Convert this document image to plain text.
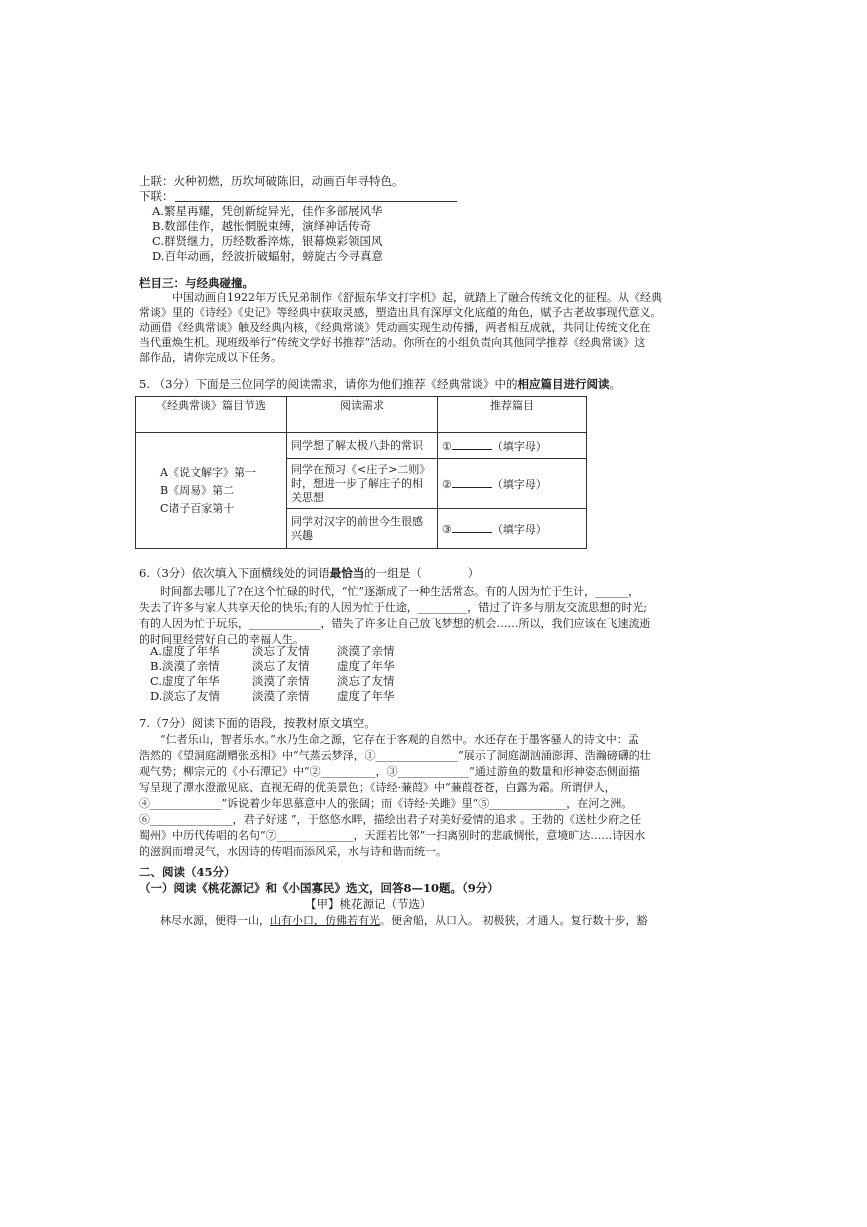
上联：火种初燃，历坎坷破陈旧，动画百年寻特色。
下联：
A.繁星再耀，凭创新绽异光，佳作多部展风华
B.数部佳作，越怅惘脱束缚，演绎神话传奇
C.群贤继力，历经数番淬炼，银幕焕彩领国风
D.百年动画，经波折破蝠射，螃旋古今寻真意
栏目三：与经典碰撞。
中国动画自1922年万氏兄弟制作《舒振东华文打字机》起，就踏上了融合传统文化的征程。从《经典
常谈》里的《诗经》《史记》等经典中获取灵感，塑造出具有深厚文化底蕴的角色，赋予古老故事现代意义。
动画借《经典常谈》触及经典内核，《经典常谈》凭动画实现生动传播，两者相互成就，共同让传统文化在
当代重焕生机。现班级举行“传统文学好书推荐”活动。你所在的小组负责向其他同学推荐《经典常谈》这
部作品，请你完成以下任务。
5. （3分）下面是三位同学的阅读需求，请你为他们推荐《经典常谈》中的相应篇目进行阅读。
《经典常谈》篇目节选	阅读需求	推荐篇目

A《说文解字》第一
B《周易》第二
C诸子百家第十	同学想了解太极八卦的常识	① （填字母）
	同学在预习《<庄子>二则》时，想进一步了解庄子的相关思想	② （填字母）
	同学对汉字的前世今生很感兴趣	③ （填字母）
6.（3分）依次填入下面横线处的词语最恰当的一组是（　　　　）
时间都去哪儿了?在这个忙碌的时代，“忙”逐渐成了一种生活常态。有的人因为忙于生计，______，
失去了许多与家人共享天伦的快乐;有的人因为忙于仕途，_________，错过了许多与朋友交流思想的时光;
有的人因为忙于玩乐，_____________，错失了许多让自己放飞梦想的机会……所以，我们应该在飞速流逝
的时间里经营好自己的幸福人生。
A.虚度了年华	淡忘了友情 淡漠了亲情
B.淡漠了亲情	淡忘了友情 虚度了年华
C.虚度了年华	淡漠了亲情 淡忘了友情
D.淡忘了友情	淡漠了亲情 虚度了年华
7.（7分）阅读下面的语段，按教材原文填空。
“仁者乐山，智者乐水。”水乃生命之源，它存在于客观的自然中。水还存在于墨客骚人的诗文中：孟
浩然的《望洞庭湖赠张丞相》中“气蒸云梦泽，①_______________”展示了洞庭湖汹涌澎湃、浩瀚磅礴的壮
观气势；柳宗元的《小石潭记》中“②__________，③_____________”通过游鱼的数量和形神姿态侧面描
写呈现了潭水澄澈见底、直视无碍的优美景色；《诗经·蒹葭》中“蒹葭苍苍，白露为霜。所谓伊人，
④_____________”诉说着少年思慕意中人的张阔；而《诗经·关雎》里“⑤______________，在河之洲。
⑥_______________，君子好逑 ”，于悠悠水畔，描绘出君子对美好爱情的追求 。王勃的《送杜少府之任
蜀州》中历代传唱的名句“⑦______________，天涯若比邻”一扫离别时的悲戚惆怅，意境旷达……诗因水
的滋润而增灵气，水因诗的传唱而添风采，水与诗和谐而统一。
二、阅读（45分）
（一）阅读《桃花源记》和《小国寡民》选文，回答8—10题。（9分）
【甲】桃花源记（节选）
林尽水源，便得一山，山有小口，仿佛若有光。便舍船，从口入。 初极狭，才通人。复行数十步，豁
